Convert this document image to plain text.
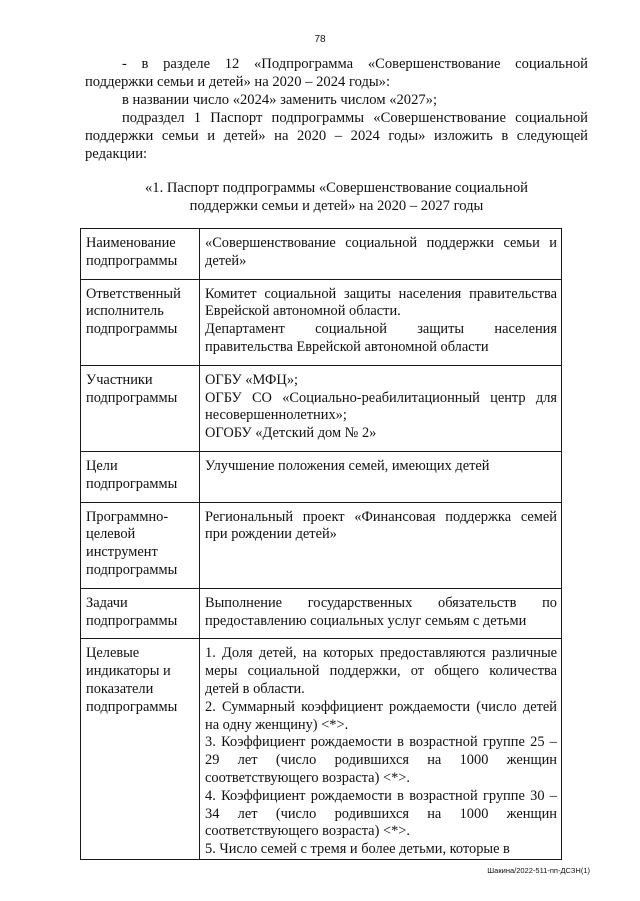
78

- в разделе 12 «Подпрограмма «Совершенствование социальной поддержки семьи и детей» на 2020 – 2024 годы»:

в названии число «2024» заменить числом «2027»;

подраздел 1 Паспорт подпрограммы «Совершенствование социальной поддержки семьи и детей» на 2020 – 2024 годы» изложить в следующей редакции:

«1. Паспорт подпрограммы «Совершенствование социальной
поддержки семьи и детей» на 2020 – 2027 годы
Наименование подпрограммы	«Совершенствование социальной поддержки семьи и детей»

Ответственный исполнитель подпрограммы	Комитет социальной защиты населения правительства Еврейской автономной области.

Департамент социальной защиты населения правительства Еврейской автономной области

Участники подпрограммы	ОГБУ «МФЦ»;

ОГБУ СО «Социально-реабилитационный центр для несовершеннолетних»;

ОГОБУ «Детский дом № 2»

Цели подпрограммы	Улучшение положения семей, имеющих детей

Программно-целевой инструмент подпрограммы	Региональный проект «Финансовая поддержка семей при рождении детей»

Задачи подпрограммы	Выполнение государственных обязательств по предоставлению социальных услуг семьям с детьми

Целевые индикаторы и показатели подпрограммы	1. Доля детей, на которых предоставляются различные меры социальной поддержки, от общего количества детей в области.

2. Суммарный коэффициент рождаемости (число детей на одну женщину) <*>.

3. Коэффициент рождаемости в возрастной группе 25 – 29 лет (число родившихся на 1000 женщин соответствующего возраста) <*>.

4. Коэффициент рождаемости в возрастной группе 30 – 34 лет (число родившихся на 1000 женщин соответствующего возраста) <*>.

5. Число семей с тремя и более детьми, которые в

Шакина/2022-511-пп-ДСЗН(1)
